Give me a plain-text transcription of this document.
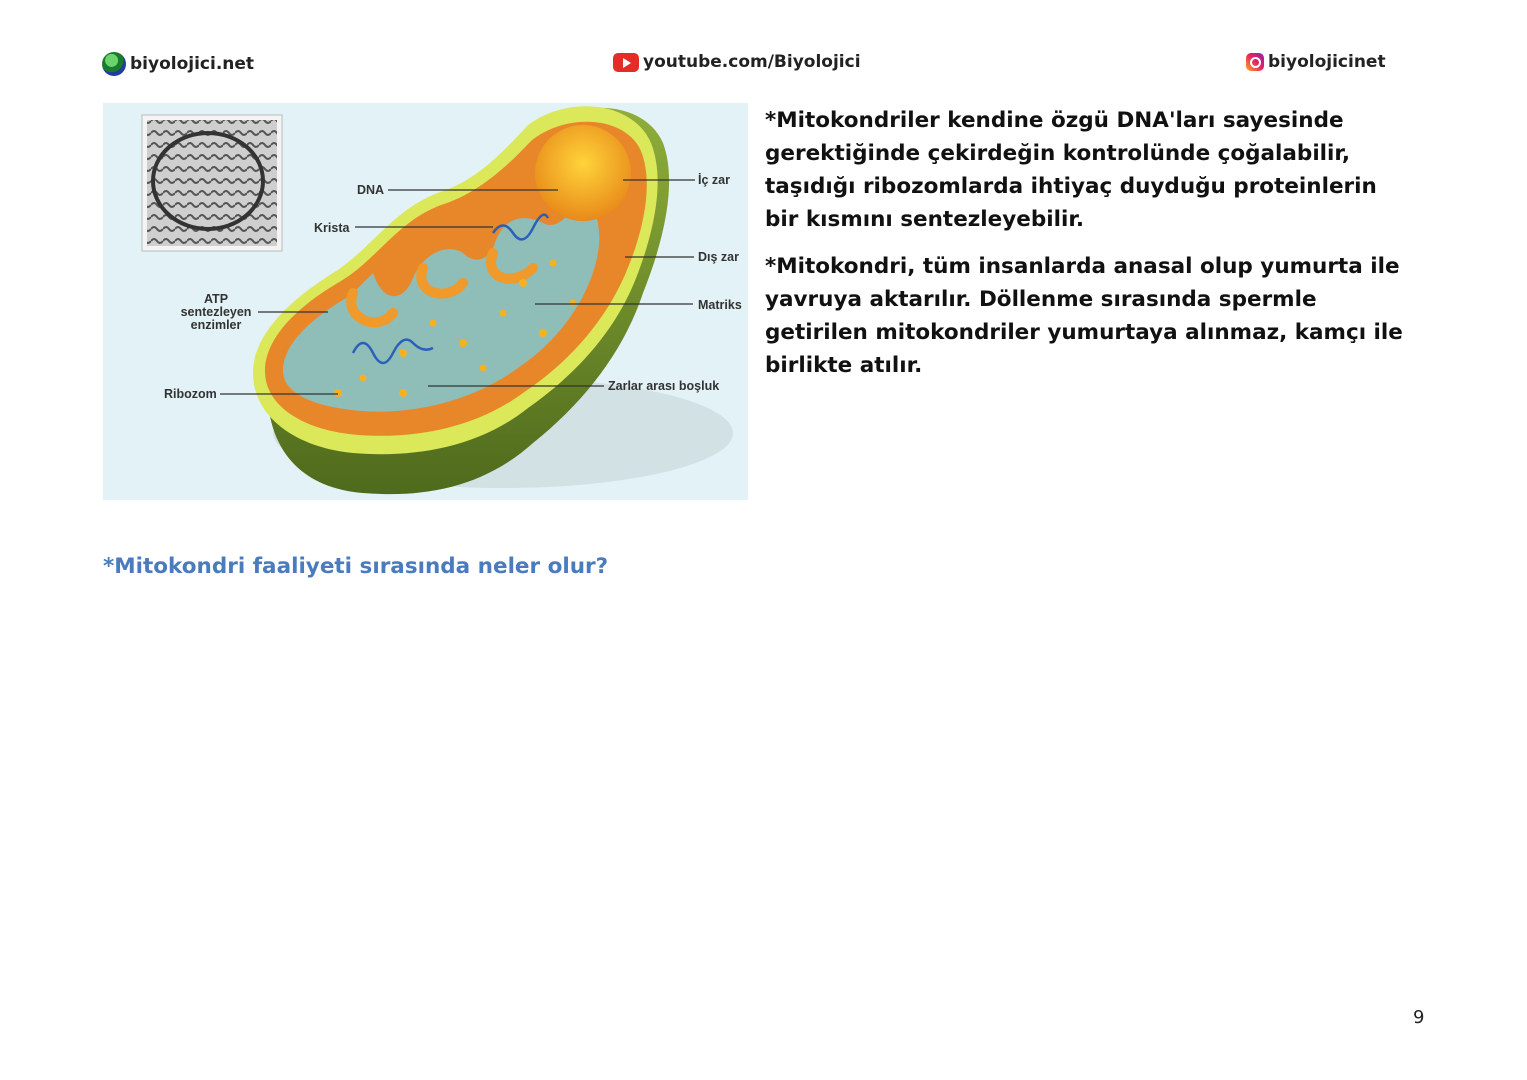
biyolojici.net	youtube.com/Biyolojici	biyolojicinet
DNA
Krista
ATP
sentezleyen
enzimler
Ribozom
İç zar
Dış zar
Matriks
Zarlar arası boşluk

*Mitokondriler kendine özgü DNA'ları sayesinde gerektiğinde çekirdeğin kontrolünde çoğalabilir, taşıdığı ribozomlarda ihtiyaç duyduğu proteinlerin bir kısmını sentezleyebilir.

*Mitokondri, tüm insanlarda anasal olup yumurta ile yavruya aktarılır. Döllenme sırasında spermle getirilen mitokondriler yumurtaya alınmaz, kamçı ile birlikte atılır.

*Mitokondri faaliyeti sırasında neler olur?

9
